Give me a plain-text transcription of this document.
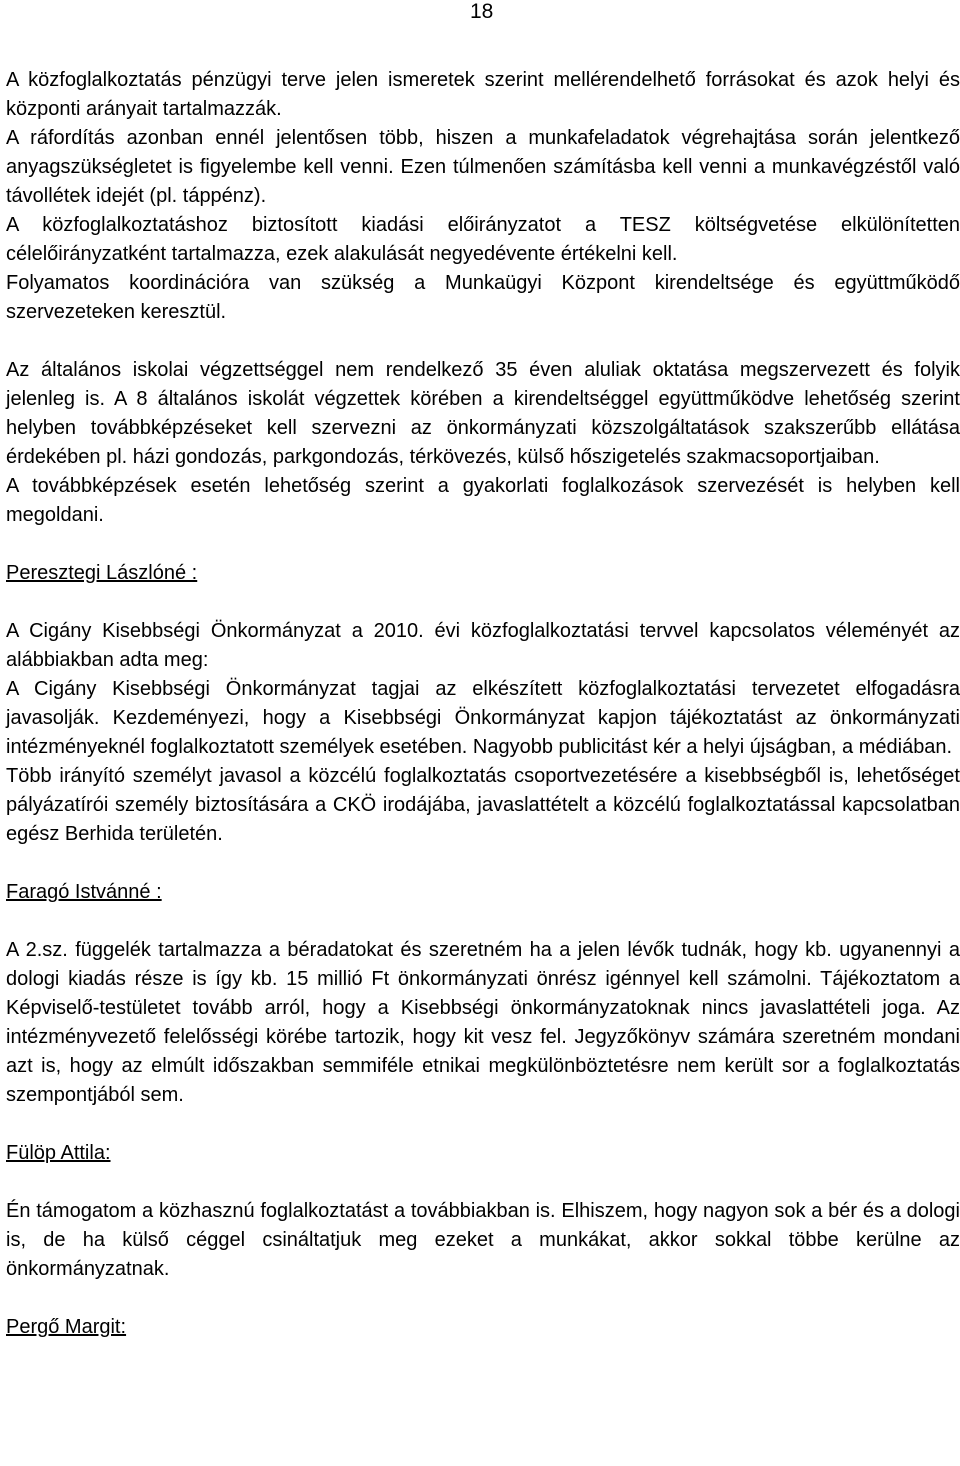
18

A közfoglalkoztatás pénzügyi terve jelen ismeretek szerint mellérendelhető forrásokat és azok helyi és központi arányait tartalmazzák.

A ráfordítás azonban ennél jelentősen több, hiszen a munkafeladatok végrehajtása során jelentkező anyagszükségletet is figyelembe kell venni. Ezen túlmenően számításba kell venni a munkavégzéstől való távollétek idejét (pl. táppénz).

A közfoglalkoztatáshoz biztosított kiadási előirányzatot a TESZ költségvetése elkülönítetten célelőirányzatként tartalmazza, ezek alakulását negyedévente értékelni kell.

Folyamatos koordinációra van szükség a Munkaügyi Központ kirendeltsége és együttműködő szervezeteken keresztül.

Az általános iskolai végzettséggel nem rendelkező 35 éven aluliak oktatása megszervezett és folyik jelenleg is. A 8 általános iskolát végzettek körében a kirendeltséggel együttműködve lehetőség szerint helyben továbbképzéseket kell szervezni az önkormányzati közszolgáltatások szakszerűbb ellátása érdekében pl. házi gondozás, parkgondozás, térkövezés, külső hőszigetelés szakmacsoportjaiban.

A továbbképzések esetén lehetőség szerint a gyakorlati foglalkozások szervezését is helyben kell megoldani.

Peresztegi Lászlóné :

A Cigány Kisebbségi Önkormányzat a 2010. évi közfoglalkoztatási tervvel kapcsolatos véleményét az alábbiakban adta meg:

A Cigány Kisebbségi Önkormányzat tagjai az elkészített közfoglalkoztatási tervezetet elfogadásra javasolják. Kezdeményezi, hogy a Kisebbségi Önkormányzat kapjon tájékoztatást az önkormányzati intézményeknél foglalkoztatott személyek esetében. Nagyobb publicitást kér a helyi újságban, a médiában.

Több irányító személyt javasol a közcélú foglalkoztatás csoportvezetésére a kisebbségből is, lehetőséget pályázatírói személy biztosítására a CKÖ irodájába, javaslattételt a közcélú foglalkoztatással kapcsolatban egész Berhida területén.

Faragó Istvánné :

A 2.sz. függelék tartalmazza a béradatokat és szeretném ha a jelen lévők tudnák, hogy kb. ugyanennyi a dologi kiadás része is így kb. 15 millió Ft önkormányzati önrész igénnyel kell számolni. Tájékoztatom a Képviselő-testületet tovább arról, hogy a Kisebbségi önkormányzatoknak nincs javaslattételi joga. Az intézményvezető felelősségi körébe tartozik, hogy kit vesz fel. Jegyzőkönyv számára szeretném mondani azt is, hogy az elmúlt időszakban semmiféle etnikai megkülönböztetésre nem került sor a foglalkoztatás szempontjából sem.

Fülöp Attila:

Én támogatom a közhasznú foglalkoztatást a továbbiakban is. Elhiszem, hogy nagyon sok a bér és a dologi is, de ha külső céggel csináltatjuk meg ezeket a munkákat, akkor sokkal többe kerülne az önkormányzatnak.

Pergő Margit:
